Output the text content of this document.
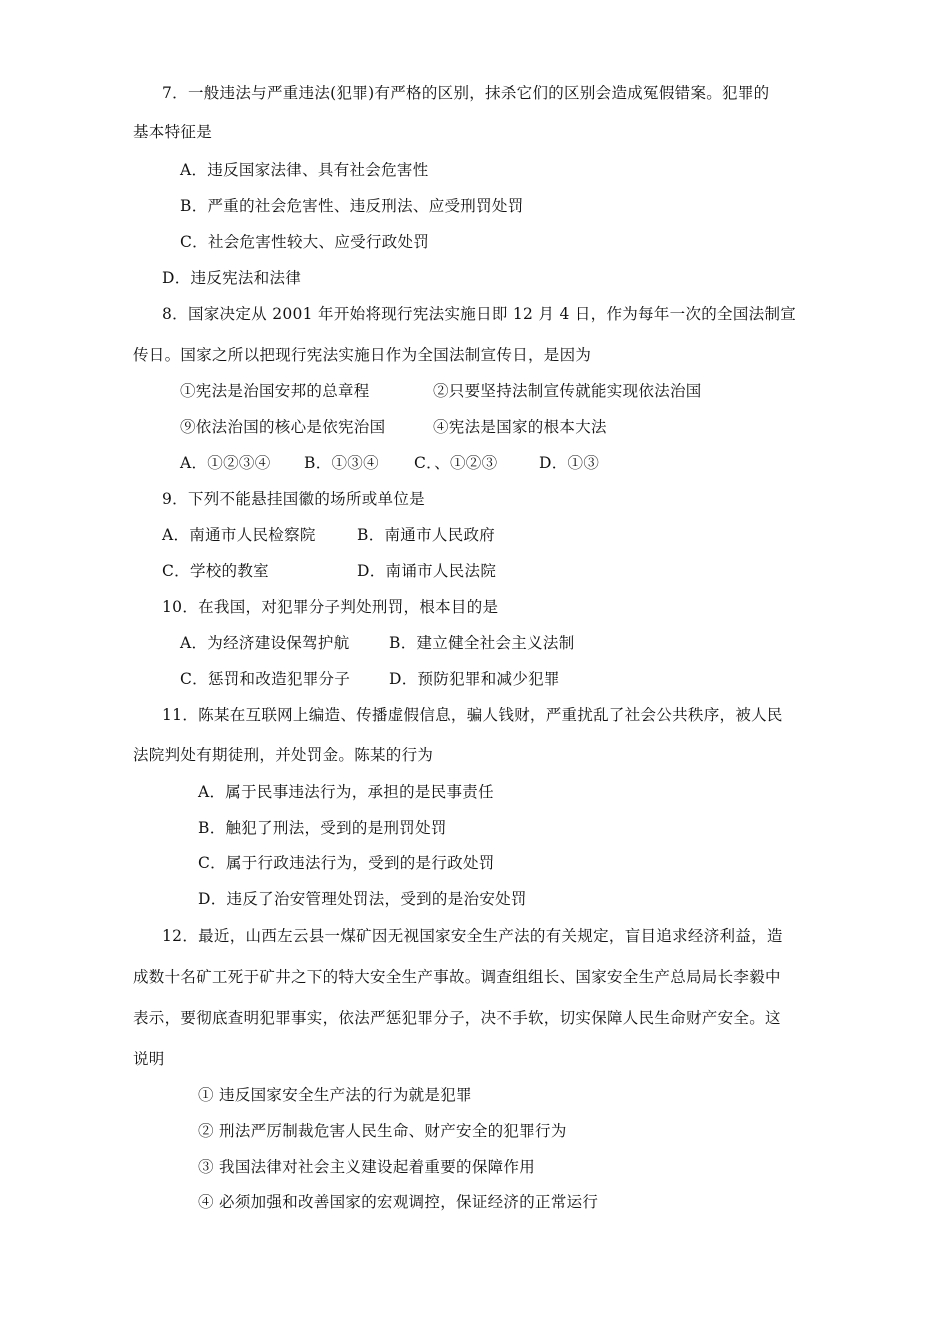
7．一般违法与严重违法(犯罪)有严格的区别，抹杀它们的区别会造成冤假错案。犯罪的
基本特征是
A．违反国家法律、具有社会危害性
B．严重的社会危害性、违反刑法、应受刑罚处罚
C．社会危害性较大、应受行政处罚
D．违反宪法和法律
8．国家决定从 2001 年开始将现行宪法实施日即 12 月 4 日，作为每年一次的全国法制宣
传日。国家之所以把现行宪法实施日作为全国法制宣传日，是因为
①宪法是治国安邦的总章程	②只要坚持法制宣传就能实现依法治国
⑨依法治国的核心是依宪治国	④宪法是国家的根本大法
A．①②③④ B．①③④ C．、①②③	D．①③
9．下列不能悬挂国徽的场所或单位是
A．南通市人民检察院	B．南通市人民政府
C．学校的教室	D．南诵市人民法院
10．在我国，对犯罪分子判处刑罚，根本目的是
A．为经济建设保驾护航	B．建立健全社会主义法制
C．惩罚和改造犯罪分子	D．预防犯罪和减少犯罪
11．陈某在互联网上编造、传播虚假信息，骗人钱财，严重扰乱了社会公共秩序，被人民
法院判处有期徒刑，并处罚金。陈某的行为
A．属于民事违法行为，承担的是民事责任
B．触犯了刑法，受到的是刑罚处罚
C．属于行政违法行为，受到的是行政处罚
D．违反了治安管理处罚法，受到的是治安处罚
12．最近，山西左云县一煤矿因无视国家安全生产法的有关规定，盲目追求经济利益，造
成数十名矿工死于矿井之下的特大安全生产事故。调查组组长、国家安全生产总局局长李毅中
表示，要彻底查明犯罪事实，依法严惩犯罪分子，决不手软，切实保障人民生命财产安全。这
说明
① 违反国家安全生产法的行为就是犯罪
② 刑法严厉制裁危害人民生命、财产安全的犯罪行为
③ 我国法律对社会主义建设起着重要的保障作用
④ 必须加强和改善国家的宏观调控，保证经济的正常运行
